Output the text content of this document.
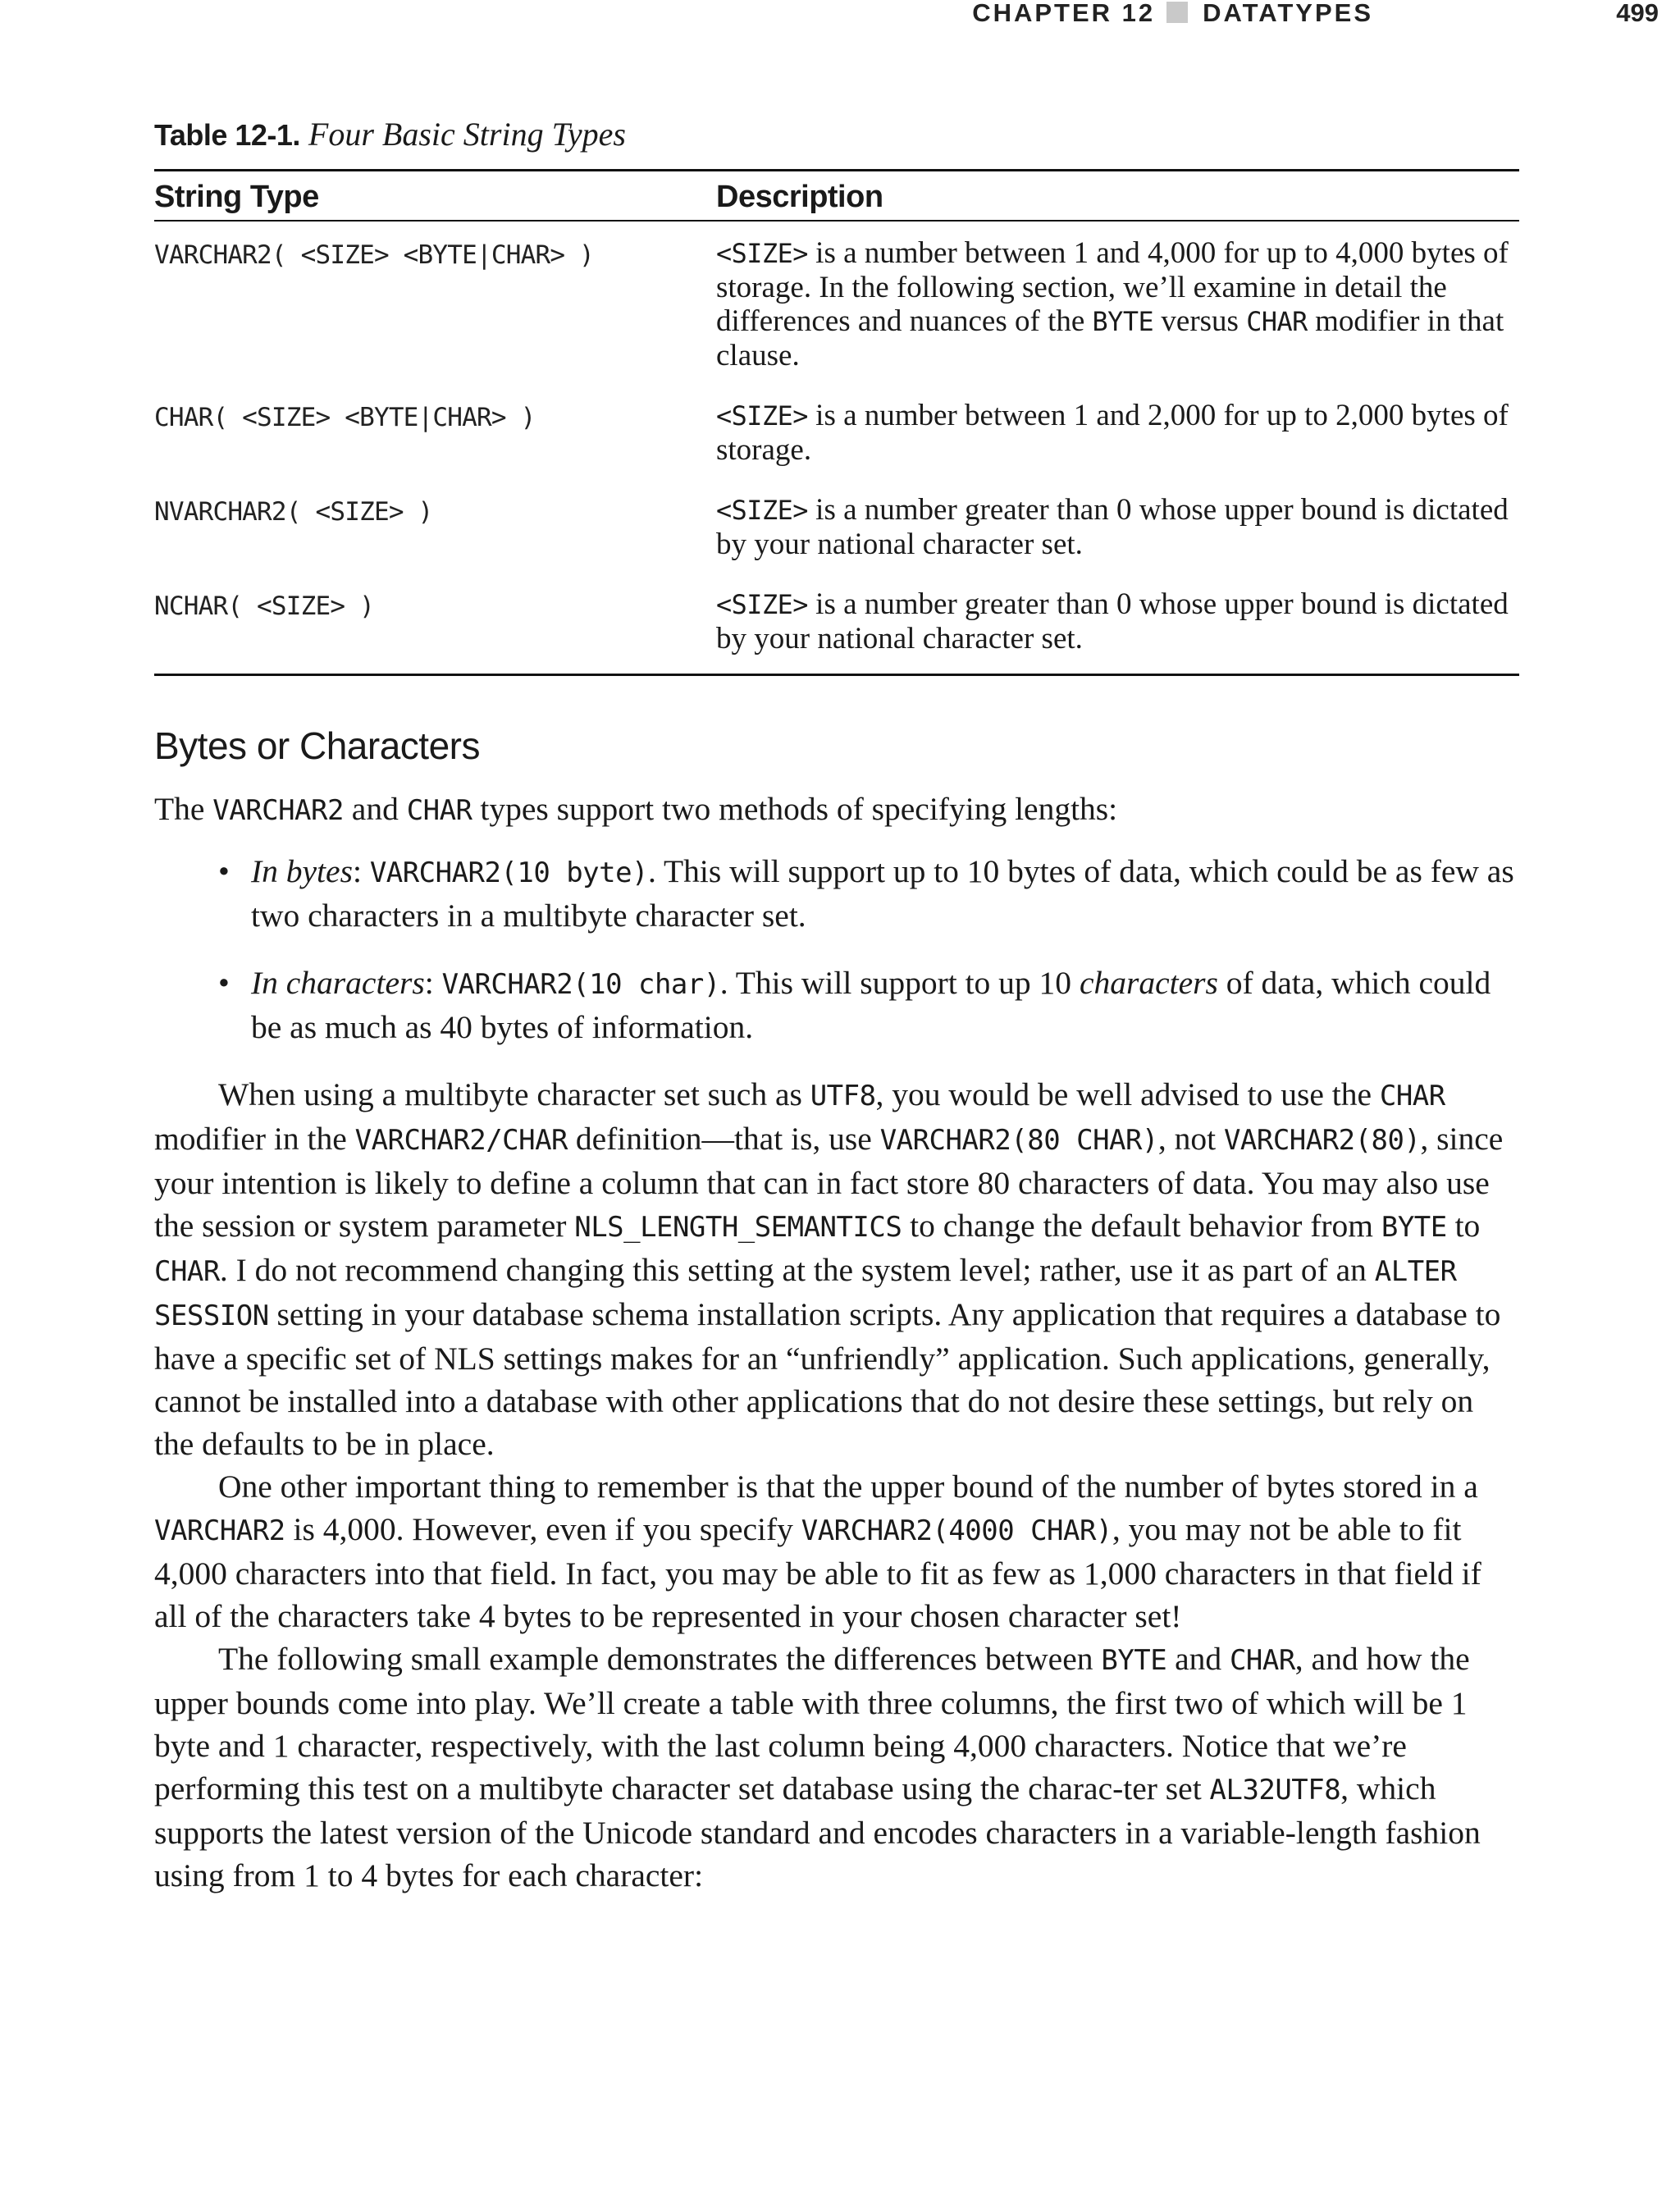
CHAPTER 12 DATATYPES	499
Table 12-1. Four Basic String Types
String Type	Description
VARCHAR2( <SIZE> <BYTE|CHAR> )	<SIZE> is a number between 1 and 4,000 for up to 4,000 bytes of storage. In the following section, we’ll examine in detail the differences and nuances of the BYTE versus CHAR modifier in that clause.
CHAR( <SIZE> <BYTE|CHAR> )	<SIZE> is a number between 1 and 2,000 for up to 2,000 bytes of storage.
NVARCHAR2( <SIZE> )	<SIZE> is a number greater than 0 whose upper bound is dictated by your national character set.
NCHAR( <SIZE> )	<SIZE> is a number greater than 0 whose upper bound is dictated by your national character set.
Bytes or Characters

The VARCHAR2 and CHAR types support two methods of specifying lengths:

• In bytes: VARCHAR2(10 byte). This will support up to 10 bytes of data, which could be as few as two characters in a multibyte character set.
• In characters: VARCHAR2(10 char). This will support to up 10 characters of data, which could be as much as 40 bytes of information.

When using a multibyte character set such as UTF8, you would be well advised to use the CHAR modifier in the VARCHAR2/CHAR definition—that is, use VARCHAR2(80 CHAR), not VARCHAR2(80), since your intention is likely to define a column that can in fact store 80 characters of data. You may also use the session or system parameter NLS_LENGTH_SEMANTICS to change the default behavior from BYTE to CHAR. I do not recommend changing this setting at the system level; rather, use it as part of an ALTER SESSION setting in your database schema installation scripts. Any application that requires a database to have a specific set of NLS settings makes for an “unfriendly” application. Such applications, generally, cannot be installed into a database with other applications that do not desire these settings, but rely on the defaults to be in place.

One other important thing to remember is that the upper bound of the number of bytes stored in a VARCHAR2 is 4,000. However, even if you specify VARCHAR2(4000 CHAR), you may not be able to fit 4,000 characters into that field. In fact, you may be able to fit as few as 1,000 characters in that field if all of the characters take 4 bytes to be represented in your chosen character set!

The following small example demonstrates the differences between BYTE and CHAR, and how the upper bounds come into play. We’ll create a table with three columns, the first two of which will be 1 byte and 1 character, respectively, with the last column being 4,000 characters. Notice that we’re performing this test on a multibyte character set database using the charac-ter set AL32UTF8, which supports the latest version of the Unicode standard and encodes characters in a variable-length fashion using from 1 to 4 bytes for each character:
